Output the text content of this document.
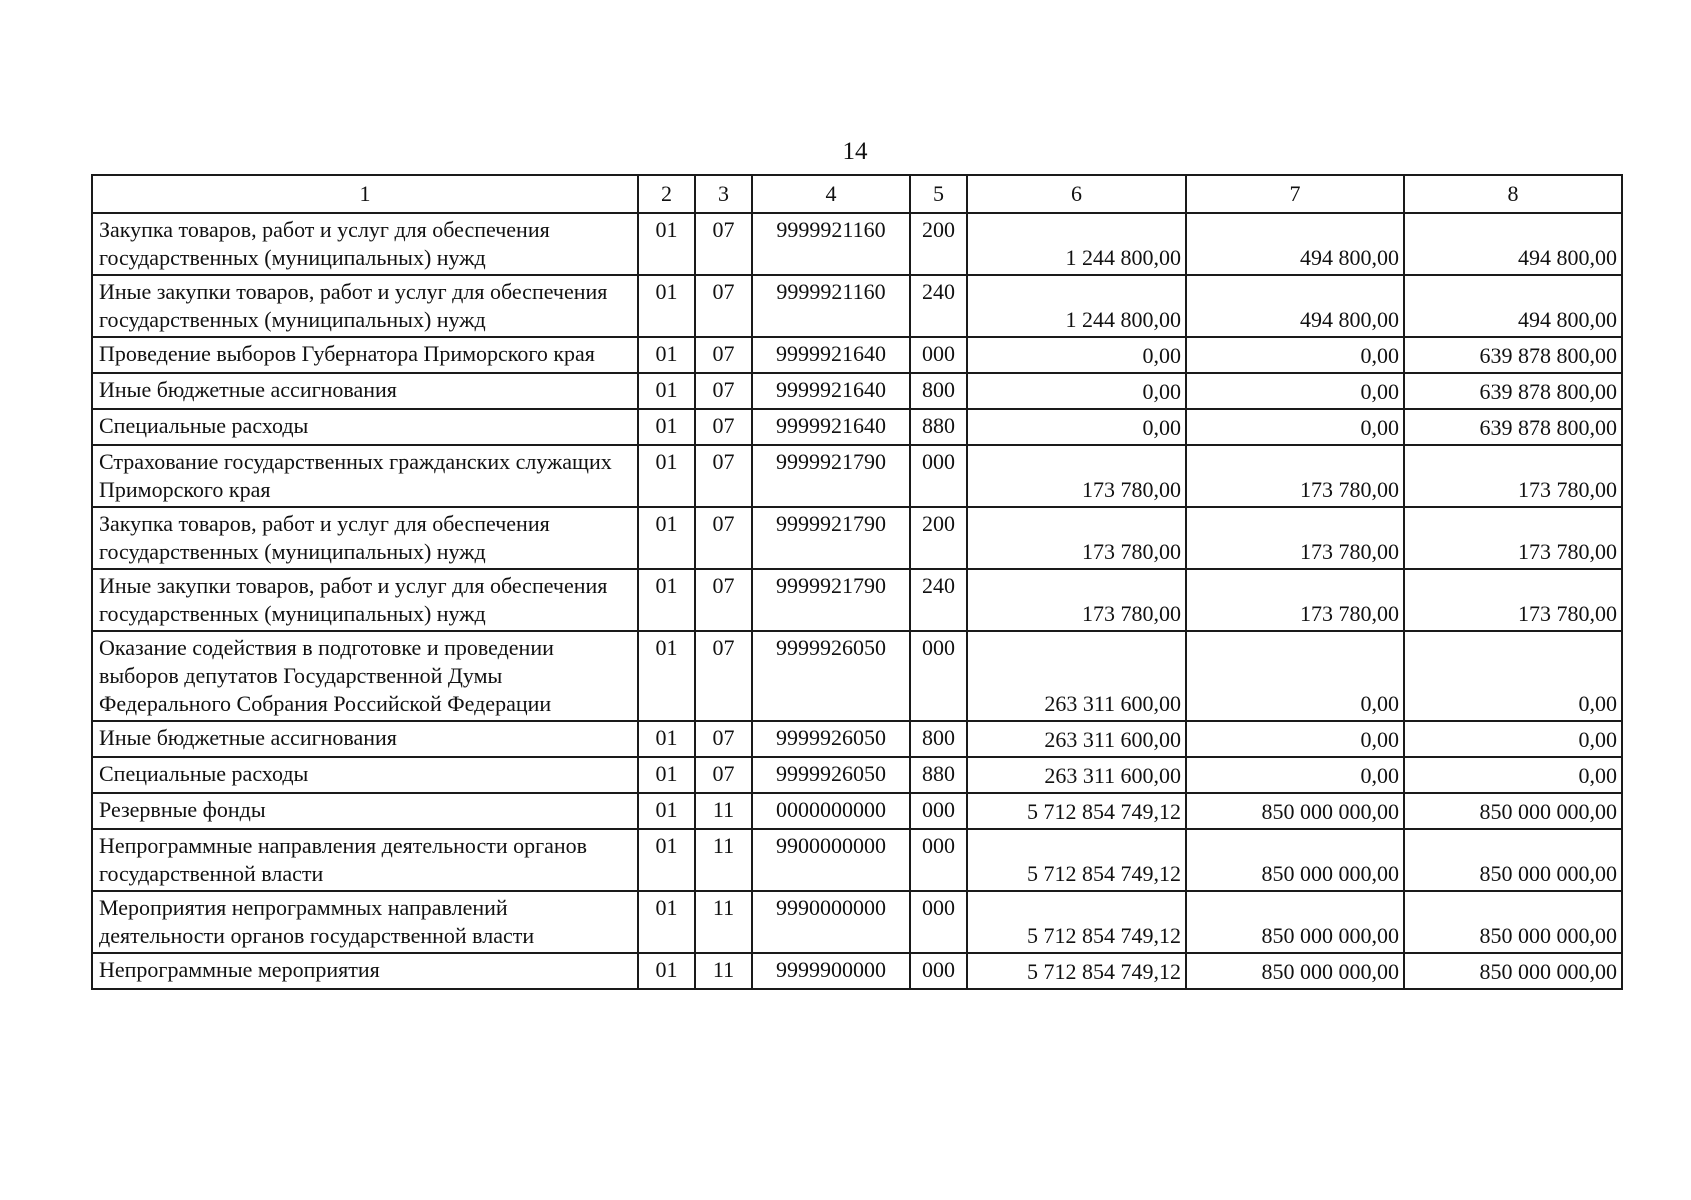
14
1	2	3	4	5	6	7	8
Закупка товаров, работ и услуг для обеспечения государственных (муниципальных) нужд	01	07	9999921160	200	1 244 800,00	494 800,00	494 800,00
Иные закупки товаров, работ и услуг для обеспечения государственных (муниципальных) нужд	01	07	9999921160	240	1 244 800,00	494 800,00	494 800,00
Проведение выборов Губернатора Приморского края	01	07	9999921640	000	0,00	0,00	639 878 800,00
Иные бюджетные ассигнования	01	07	9999921640	800	0,00	0,00	639 878 800,00
Специальные расходы	01	07	9999921640	880	0,00	0,00	639 878 800,00
Страхование государственных гражданских служащих Приморского края	01	07	9999921790	000	173 780,00	173 780,00	173 780,00
Закупка товаров, работ и услуг для обеспечения государственных (муниципальных) нужд	01	07	9999921790	200	173 780,00	173 780,00	173 780,00
Иные закупки товаров, работ и услуг для обеспечения государственных (муниципальных) нужд	01	07	9999921790	240	173 780,00	173 780,00	173 780,00
Оказание содействия в подготовке и проведении выборов депутатов Государственной Думы Федерального Собрания Российской Федерации	01	07	9999926050	000	263 311 600,00	0,00	0,00
Иные бюджетные ассигнования	01	07	9999926050	800	263 311 600,00	0,00	0,00
Специальные расходы	01	07	9999926050	880	263 311 600,00	0,00	0,00
Резервные фонды	01	11	0000000000	000	5 712 854 749,12	850 000 000,00	850 000 000,00
Непрограммные направления деятельности органов государственной власти	01	11	9900000000	000	5 712 854 749,12	850 000 000,00	850 000 000,00
Мероприятия непрограммных направлений деятельности органов государственной власти	01	11	9990000000	000	5 712 854 749,12	850 000 000,00	850 000 000,00
Непрограммные мероприятия	01	11	9999900000	000	5 712 854 749,12	850 000 000,00	850 000 000,00
